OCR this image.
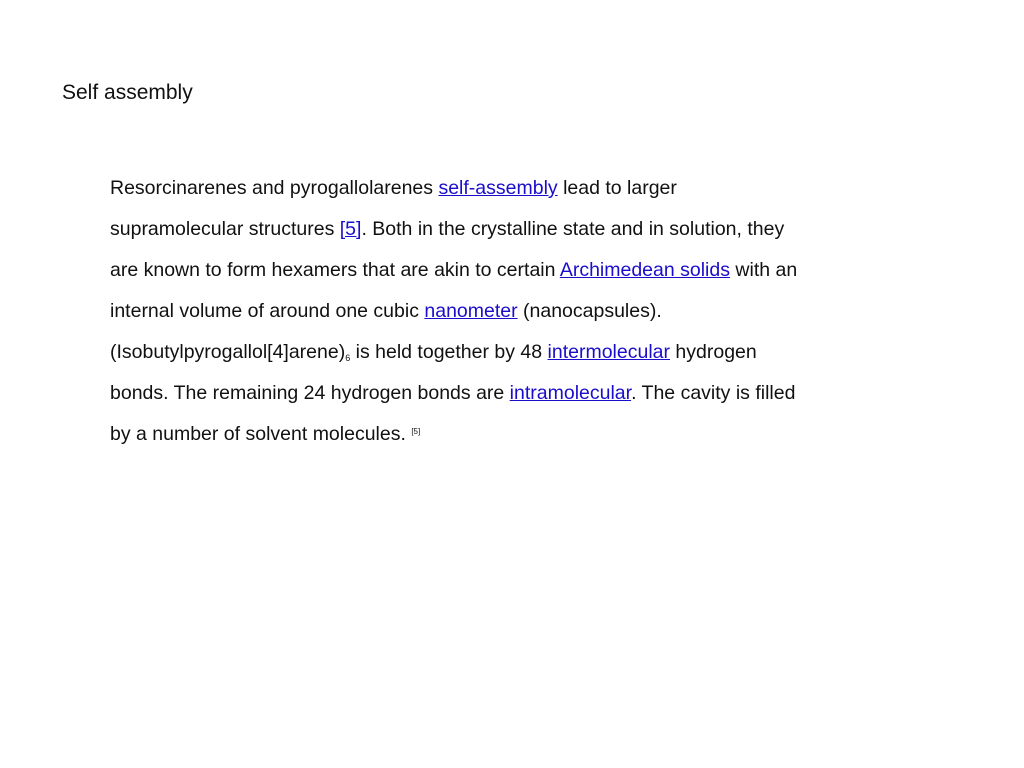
Self assembly
Resorcinarenes and pyrogallolarenes self-assembly lead to larger
supramolecular structures [5]. Both in the crystalline state and in solution, they
are known to form hexamers that are akin to certain Archimedean solids with an
internal volume of around one cubic nanometer (nanocapsules).
$(Isobutylpyrogallol[4]arene)_6$ is held together by 48 intermolecular hydrogen
bonds. The remaining 24 hydrogen bonds are intramolecular. The cavity is filled
by a number of solvent molecules. [5]
